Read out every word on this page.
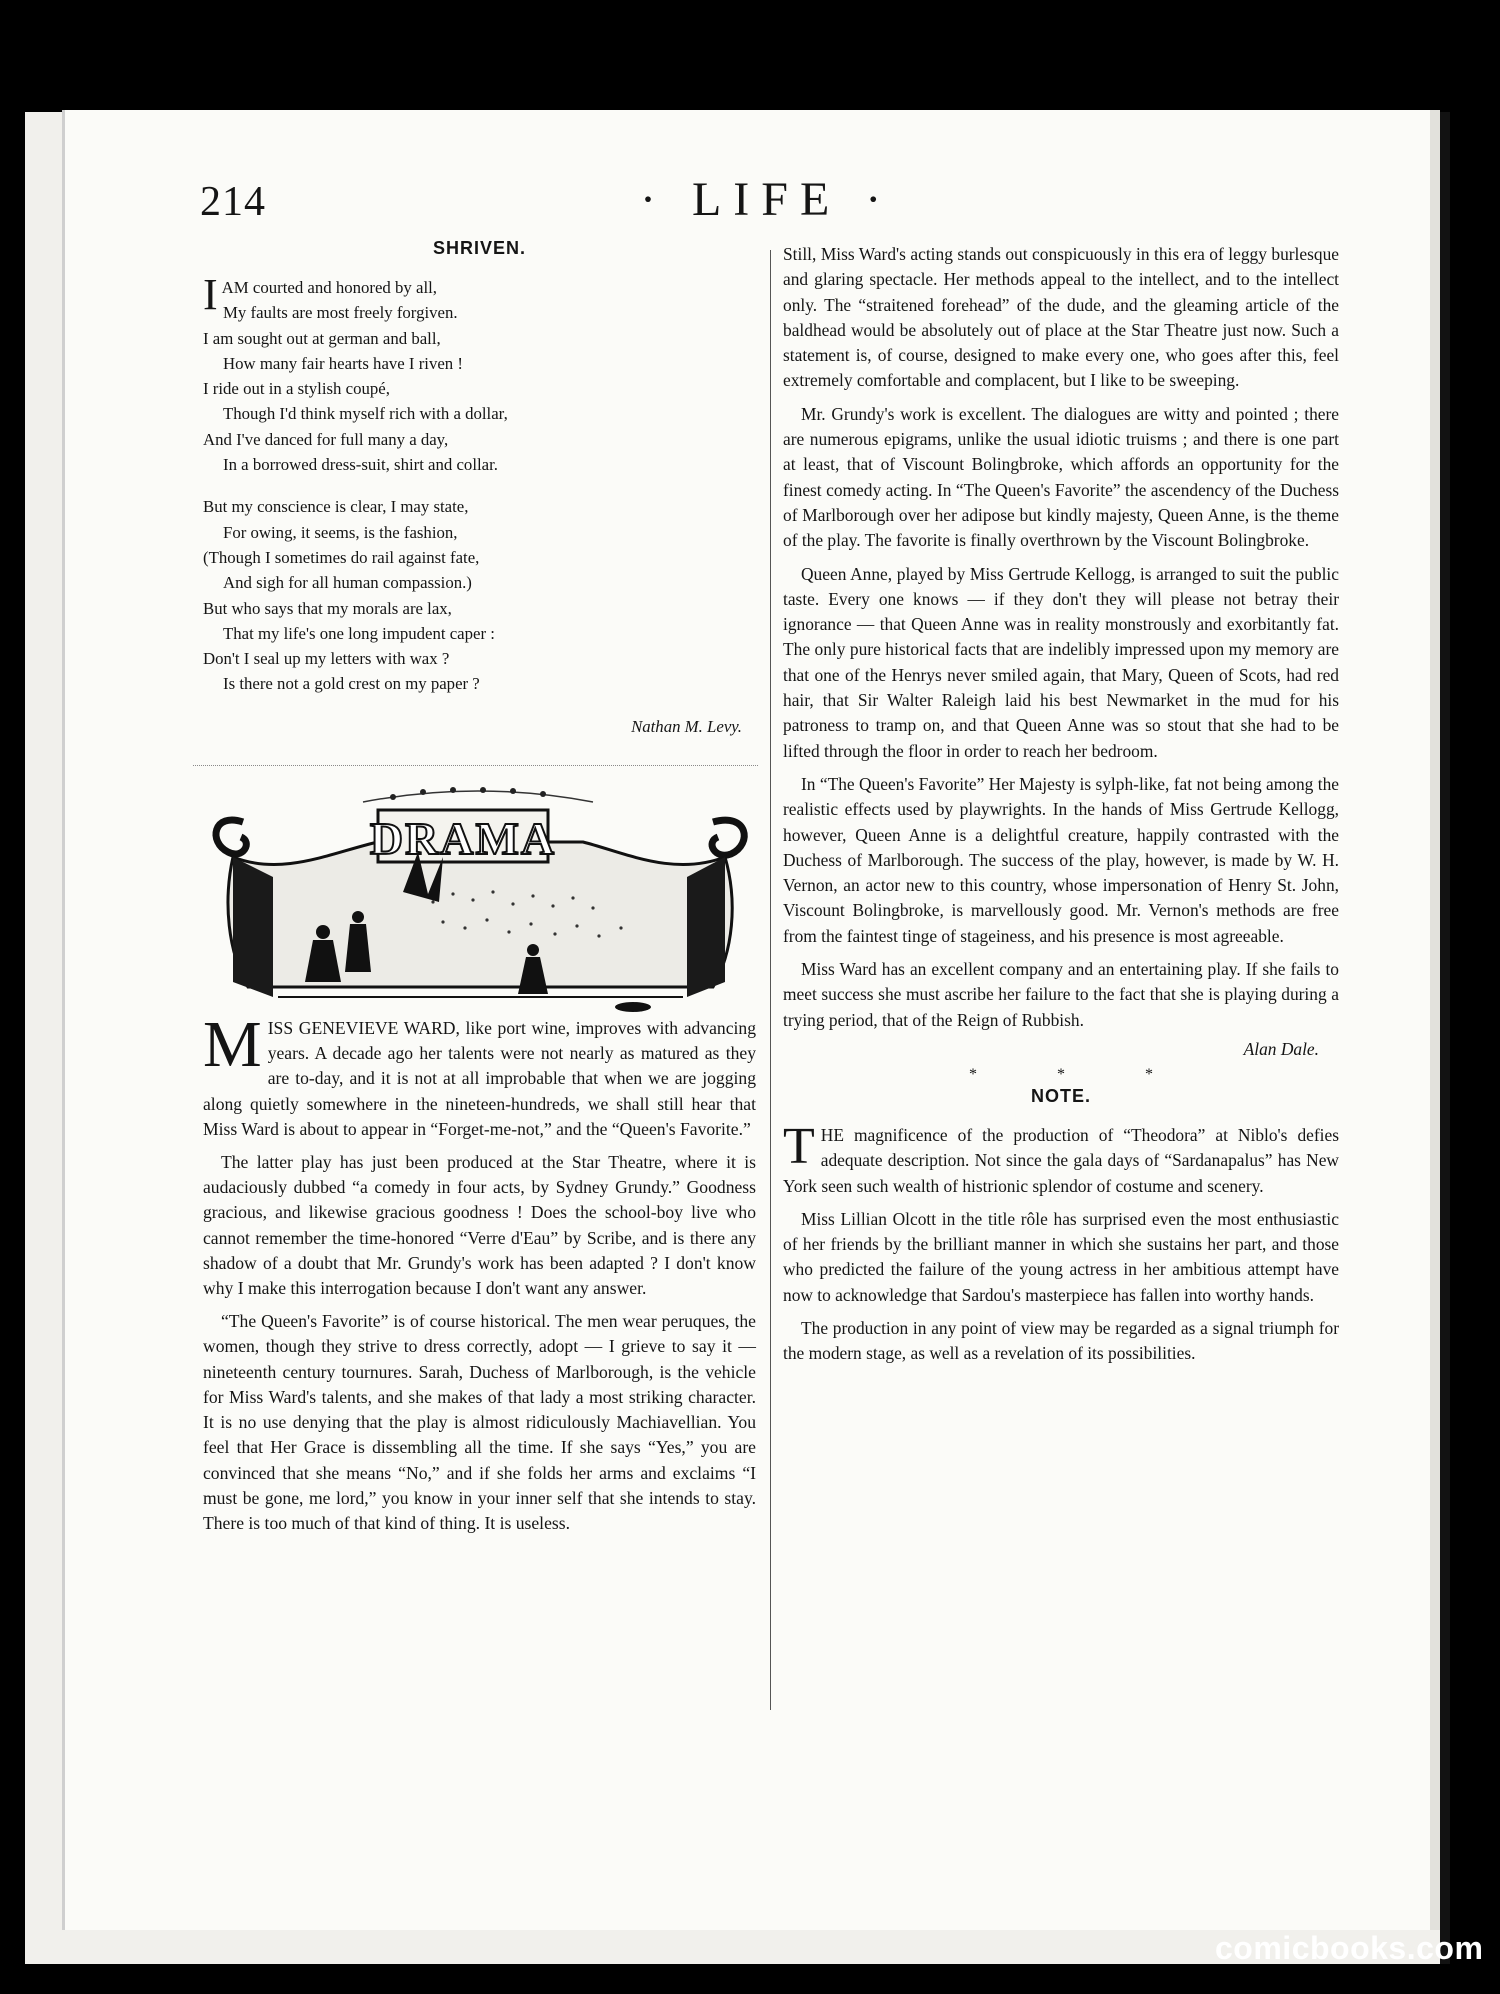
214	· LIFE ·
SHRIVEN.
I AM courted and honored by all,
My faults are most freely forgiven.
I am sought out at german and ball,
How many fair hearts have I riven !
I ride out in a stylish coupé,
Though I'd think myself rich with a dollar,
And I've danced for full many a day,
In a borrowed dress-suit, shirt and collar.
But my conscience is clear, I may state,
For owing, it seems, is the fashion,
(Though I sometimes do rail against fate,
And sigh for all human compassion.)
But who says that my morals are lax,
That my life's one long impudent caper :
Don't I seal up my letters with wax ?
Is there not a gold crest on my paper ?
Nathan M. Levy.
DRAMA

MISS GENEVIEVE WARD, like port wine, improves with advancing years. A decade ago her talents were not nearly as matured as they are to-day, and it is not at all improbable that when we are jogging along quietly somewhere in the nineteen-hundreds, we shall still hear that Miss Ward is about to appear in “Forget-me-not,” and the “Queen's Favorite.”

The latter play has just been produced at the Star Theatre, where it is audaciously dubbed “a comedy in four acts, by Sydney Grundy.” Goodness gracious, and likewise gracious goodness ! Does the school-boy live who cannot remember the time-honored “Verre d'Eau” by Scribe, and is there any shadow of a doubt that Mr. Grundy's work has been adapted ? I don't know why I make this interrogation because I don't want any answer.

“The Queen's Favorite” is of course historical. The men wear peruques, the women, though they strive to dress correctly, adopt — I grieve to say it — nineteenth century tournures. Sarah, Duchess of Marlborough, is the vehicle for Miss Ward's talents, and she makes of that lady a most striking character. It is no use denying that the play is almost ridiculously Machiavellian. You feel that Her Grace is dissembling all the time. If she says “Yes,” you are convinced that she means “No,” and if she folds her arms and exclaims “I must be gone, me lord,” you know in your inner self that she intends to stay. There is too much of that kind of thing. It is useless.

Still, Miss Ward's acting stands out conspicuously in this era of leggy burlesque and glaring spectacle. Her methods appeal to the intellect, and to the intellect only. The “straitened forehead” of the dude, and the gleaming article of the baldhead would be absolutely out of place at the Star Theatre just now. Such a statement is, of course, designed to make every one, who goes after this, feel extremely comfortable and complacent, but I like to be sweeping.

Mr. Grundy's work is excellent. The dialogues are witty and pointed ; there are numerous epigrams, unlike the usual idiotic truisms ; and there is one part at least, that of Viscount Bolingbroke, which affords an opportunity for the finest comedy acting. In “The Queen's Favorite” the ascendency of the Duchess of Marlborough over her adipose but kindly majesty, Queen Anne, is the theme of the play. The favorite is finally overthrown by the Viscount Bolingbroke.

Queen Anne, played by Miss Gertrude Kellogg, is arranged to suit the public taste. Every one knows — if they don't they will please not betray their ignorance — that Queen Anne was in reality monstrously and exorbitantly fat. The only pure historical facts that are indelibly impressed upon my memory are that one of the Henrys never smiled again, that Mary, Queen of Scots, had red hair, that Sir Walter Raleigh laid his best Newmarket in the mud for his patroness to tramp on, and that Queen Anne was so stout that she had to be lifted through the floor in order to reach her bedroom.

In “The Queen's Favorite” Her Majesty is sylph-like, fat not being among the realistic effects used by playwrights. In the hands of Miss Gertrude Kellogg, however, Queen Anne is a delightful creature, happily contrasted with the Duchess of Marlborough. The success of the play, however, is made by W. H. Vernon, an actor new to this country, whose impersonation of Henry St. John, Viscount Bolingbroke, is marvellously good. Mr. Vernon's methods are free from the faintest tinge of stageiness, and his presence is most agreeable.

Miss Ward has an excellent company and an entertaining play. If she fails to meet success she must ascribe her failure to the fact that she is playing during a trying period, that of the Reign of Rubbish.

Alan Dale.
* * *
NOTE.

THE magnificence of the production of “Theodora” at Niblo's defies adequate description. Not since the gala days of “Sardanapalus” has New York seen such wealth of histrionic splendor of costume and scenery.

Miss Lillian Olcott in the title rôle has surprised even the most enthusiastic of her friends by the brilliant manner in which she sustains her part, and those who predicted the failure of the young actress in her ambitious attempt have now to acknowledge that Sardou's masterpiece has fallen into worthy hands.

The production in any point of view may be regarded as a signal triumph for the modern stage, as well as a revelation of its possibilities.

comicbooks.com
